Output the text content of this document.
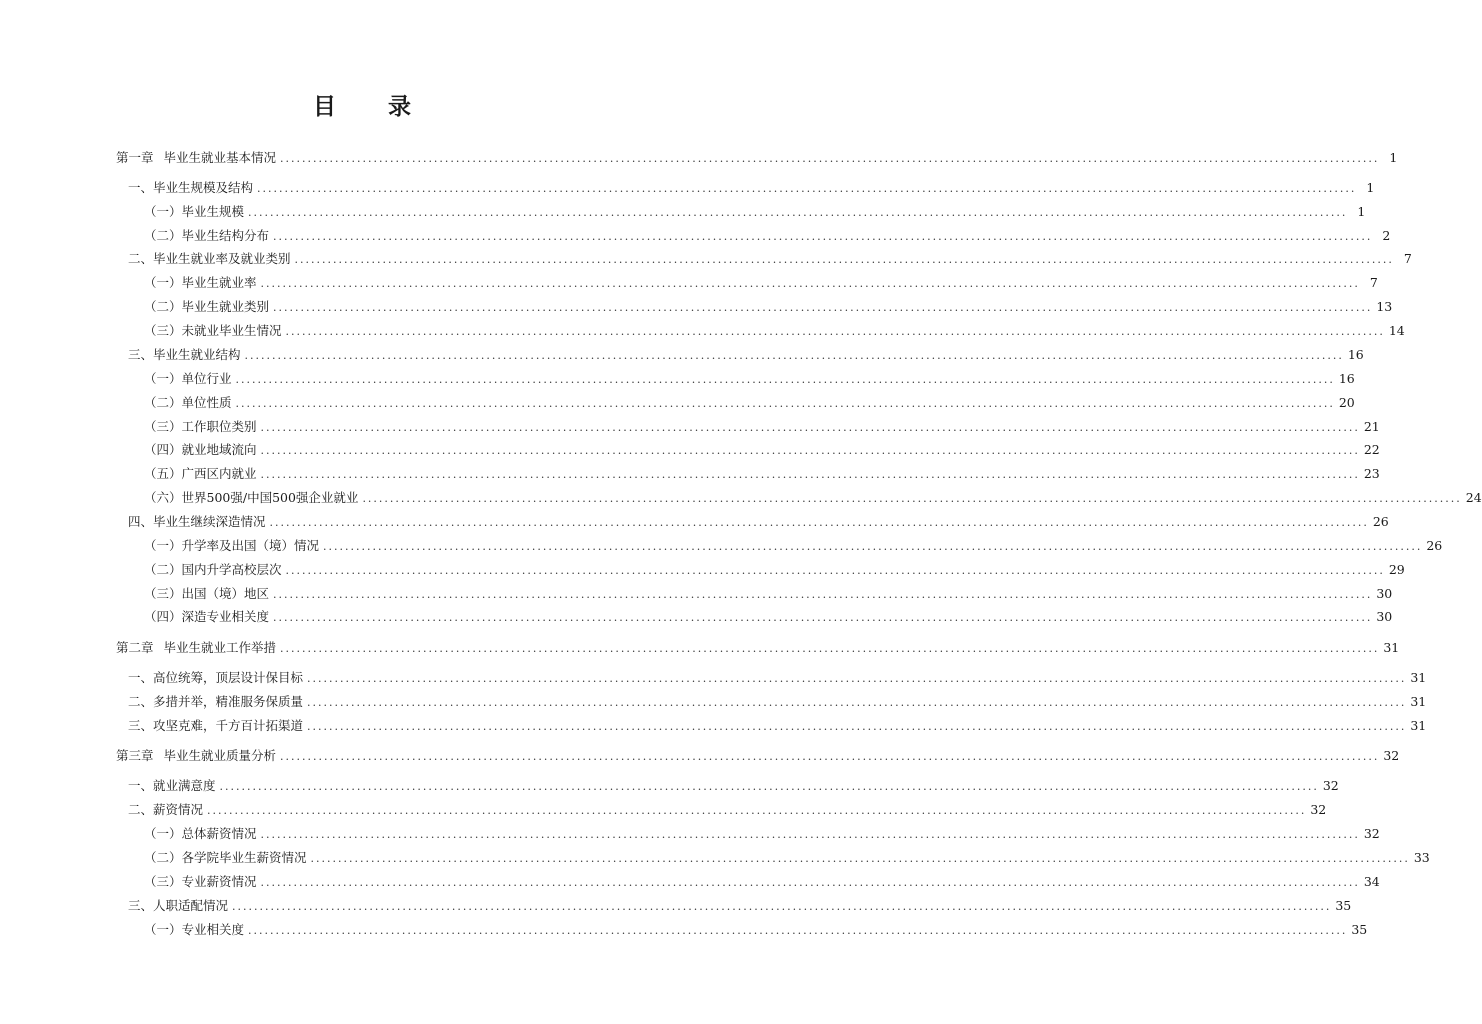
目 录
第一章 毕业生就业基本情况 ........................................................................................................................................................................................................ 1
一、毕业生规模及结构 ........................................................................................................................................................................................................ 1
（一）毕业生规模 ........................................................................................................................................................................................................ 1
（二）毕业生结构分布 ........................................................................................................................................................................................................ 2
二、毕业生就业率及就业类别 ........................................................................................................................................................................................................ 7
（一）毕业生就业率 ........................................................................................................................................................................................................ 7
（二）毕业生就业类别 ........................................................................................................................................................................................................ 13
（三）未就业毕业生情况 ........................................................................................................................................................................................................ 14
三、毕业生就业结构 ........................................................................................................................................................................................................ 16
（一）单位行业 ........................................................................................................................................................................................................ 16
（二）单位性质 ........................................................................................................................................................................................................ 20
（三）工作职位类别 ........................................................................................................................................................................................................ 21
（四）就业地域流向 ........................................................................................................................................................................................................ 22
（五）广西区内就业 ........................................................................................................................................................................................................ 23
（六）世界500强/中国500强企业就业 ........................................................................................................................................................................................................ 24
四、毕业生继续深造情况 ........................................................................................................................................................................................................ 26
（一）升学率及出国（境）情况 ........................................................................................................................................................................................................ 26
（二）国内升学高校层次 ........................................................................................................................................................................................................ 29
（三）出国（境）地区 ........................................................................................................................................................................................................ 30
（四）深造专业相关度 ........................................................................................................................................................................................................ 30
第二章 毕业生就业工作举措 ........................................................................................................................................................................................................ 31
一、高位统筹，顶层设计保目标 ........................................................................................................................................................................................................ 31
二、多措并举，精准服务保质量 ........................................................................................................................................................................................................ 31
三、攻坚克难，千方百计拓渠道 ........................................................................................................................................................................................................ 31
第三章 毕业生就业质量分析 ........................................................................................................................................................................................................ 32
一、就业满意度 ........................................................................................................................................................................................................ 32
二、薪资情况 ........................................................................................................................................................................................................ 32
（一）总体薪资情况 ........................................................................................................................................................................................................ 32
（二）各学院毕业生薪资情况 ........................................................................................................................................................................................................ 33
（三）专业薪资情况 ........................................................................................................................................................................................................ 34
三、人职适配情况 ........................................................................................................................................................................................................ 35
（一）专业相关度 ........................................................................................................................................................................................................ 35
